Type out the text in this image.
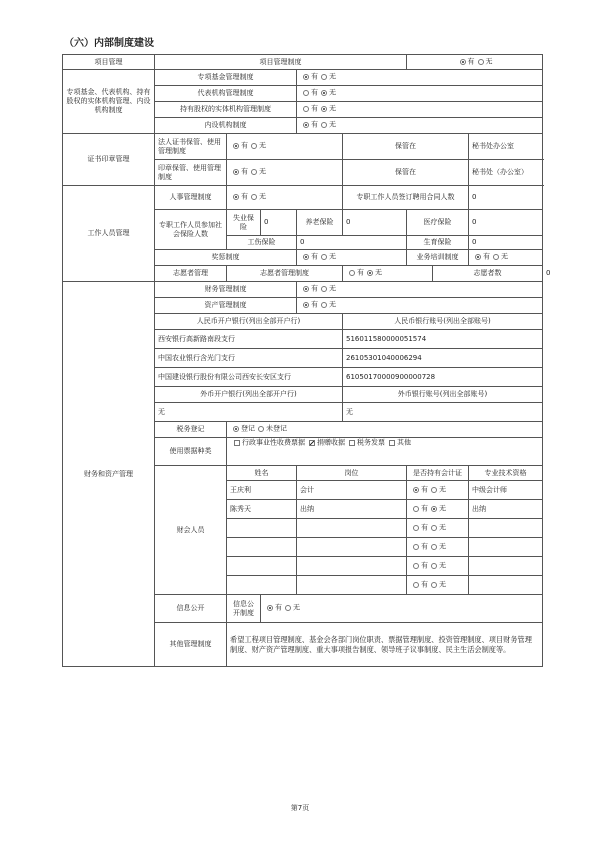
（六）内部制度建设
项目管理	项目管理制度					有 无			
专项基金、代表机构、持有股权的实体机构管理、内设机构制度	专项基金管理制度			有 无					
	代表机构管理制度			有 无					
	持有股权的实体机构管理制度			有 无					
	内设机构制度			有 无					
证书印章管理	法人证书保管、使用管理制度	有 无			保管在			秘书处办公室	
	印章保管、使用管理制度	有 无			保管在			秘书处（办公室）	
工作人员管理	人事管理制度	有 无			专职工作人员签订聘用合同人数			0	
	专职工作人员参加社会保险人数	失业保险	0	养老保险	0	医疗保险		0	
		工伤保险		0		生育保险		0	
	奖惩制度			有 无		业务培训制度		有 无	
	志愿者管理	志愿者管理制度			有 无		志愿者数		0
财务和资产管理	财务管理制度			有 无					
	资产管理制度			有 无					
	人民币开户银行(列出全部开户行)				人民币银行账号(列出全部账号)				
	西安银行高新路南段支行				516011580000051574				
	中国农业银行含光门支行				26105301040006294				
	中国建设银行股份有限公司西安长安区支行				61050170000900000728				
	外币开户银行(列出全部开户行)				外币银行账号(列出全部账号)				
	无				无				
	税务登记	登记 未登记							
	使用票据种类	行政事业性收费票据 捐赠收据 税务发票 其他							
	财会人员	姓名		岗位		是否持有会计证		专业技术资格	
		王庆利		会计		有 无		中级会计师	
		陈秀天		出纳		有 无		出纳	
						有 无			
						有 无			
						有 无			
						有 无			
	信息公开	信息公开制度	有 无						
	其他管理制度	希望工程项目管理制度、基金会各部门岗位职责、票据管理制度、投资管理制度、项目财务管理制度、财产资产管理制度、重大事项报告制度、领导班子议事制度、民主生活会制度等。							
第7页
